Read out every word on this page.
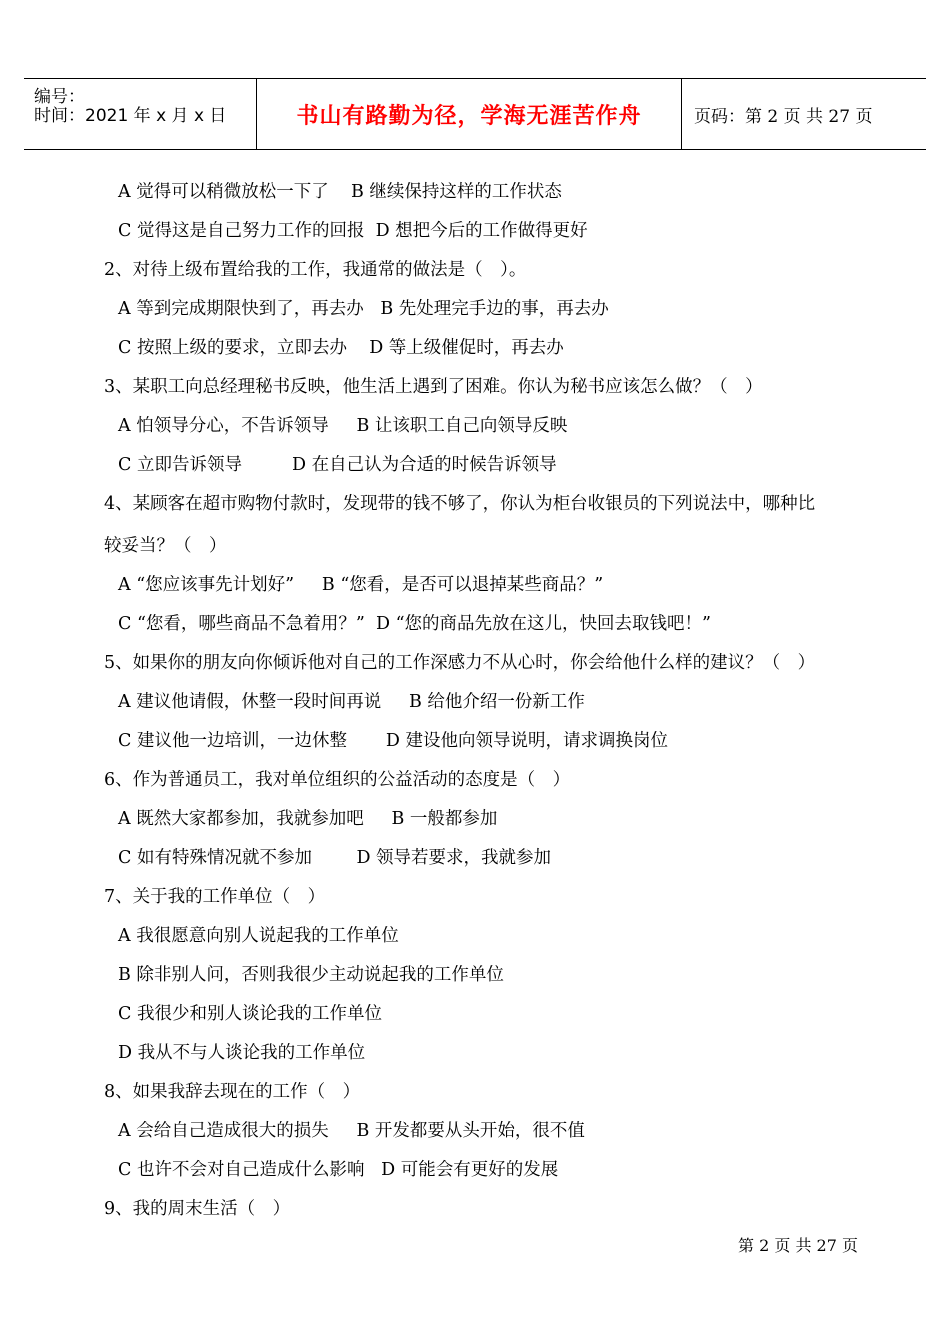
编号：
时间：2021 年 x 月 x 日	书山有路勤为径，学海无涯苦作舟	页码：第 2 页 共 27 页
A 觉得可以稍微放松一下了    B 继续保持这样的工作状态
C 觉得这是自己努力工作的回报  D 想把今后的工作做得更好
2、对待上级布置给我的工作，我通常的做法是（　）。
A 等到完成期限快到了，再去办   B 先处理完手边的事，再去办
C 按照上级的要求，立即去办    D 等上级催促时，再去办
3、某职工向总经理秘书反映，他生活上遇到了困难。你认为秘书应该怎么做？（　）
A 怕领导分心，不告诉领导     B 让该职工自己向领导反映
C 立即告诉领导         D 在自己认为合适的时候告诉领导
4、某顾客在超市购物付款时，发现带的钱不够了，你认为柜台收银员的下列说法中，哪种比
较妥当？（　）
A “您应该事先计划好”     B “您看，是否可以退掉某些商品？”
C “您看，哪些商品不急着用？”  D “您的商品先放在这儿，快回去取钱吧！”
5、如果你的朋友向你倾诉他对自己的工作深感力不从心时，你会给他什么样的建议？（　）
A 建议他请假，休整一段时间再说     B 给他介绍一份新工作
C 建议他一边培训，一边休整       D 建设他向领导说明，请求调换岗位
6、作为普通员工，我对单位组织的公益活动的态度是（　）
A 既然大家都参加，我就参加吧     B 一般都参加
C 如有特殊情况就不参加        D 领导若要求，我就参加
7、关于我的工作单位（　）
A 我很愿意向别人说起我的工作单位
B 除非别人问，否则我很少主动说起我的工作单位
C 我很少和别人谈论我的工作单位
D 我从不与人谈论我的工作单位
8、如果我辞去现在的工作（　）
A 会给自己造成很大的损失     B 开发都要从头开始，很不值
C 也许不会对自己造成什么影响   D 可能会有更好的发展
9、我的周末生活（　）
第 2 页 共 27 页
